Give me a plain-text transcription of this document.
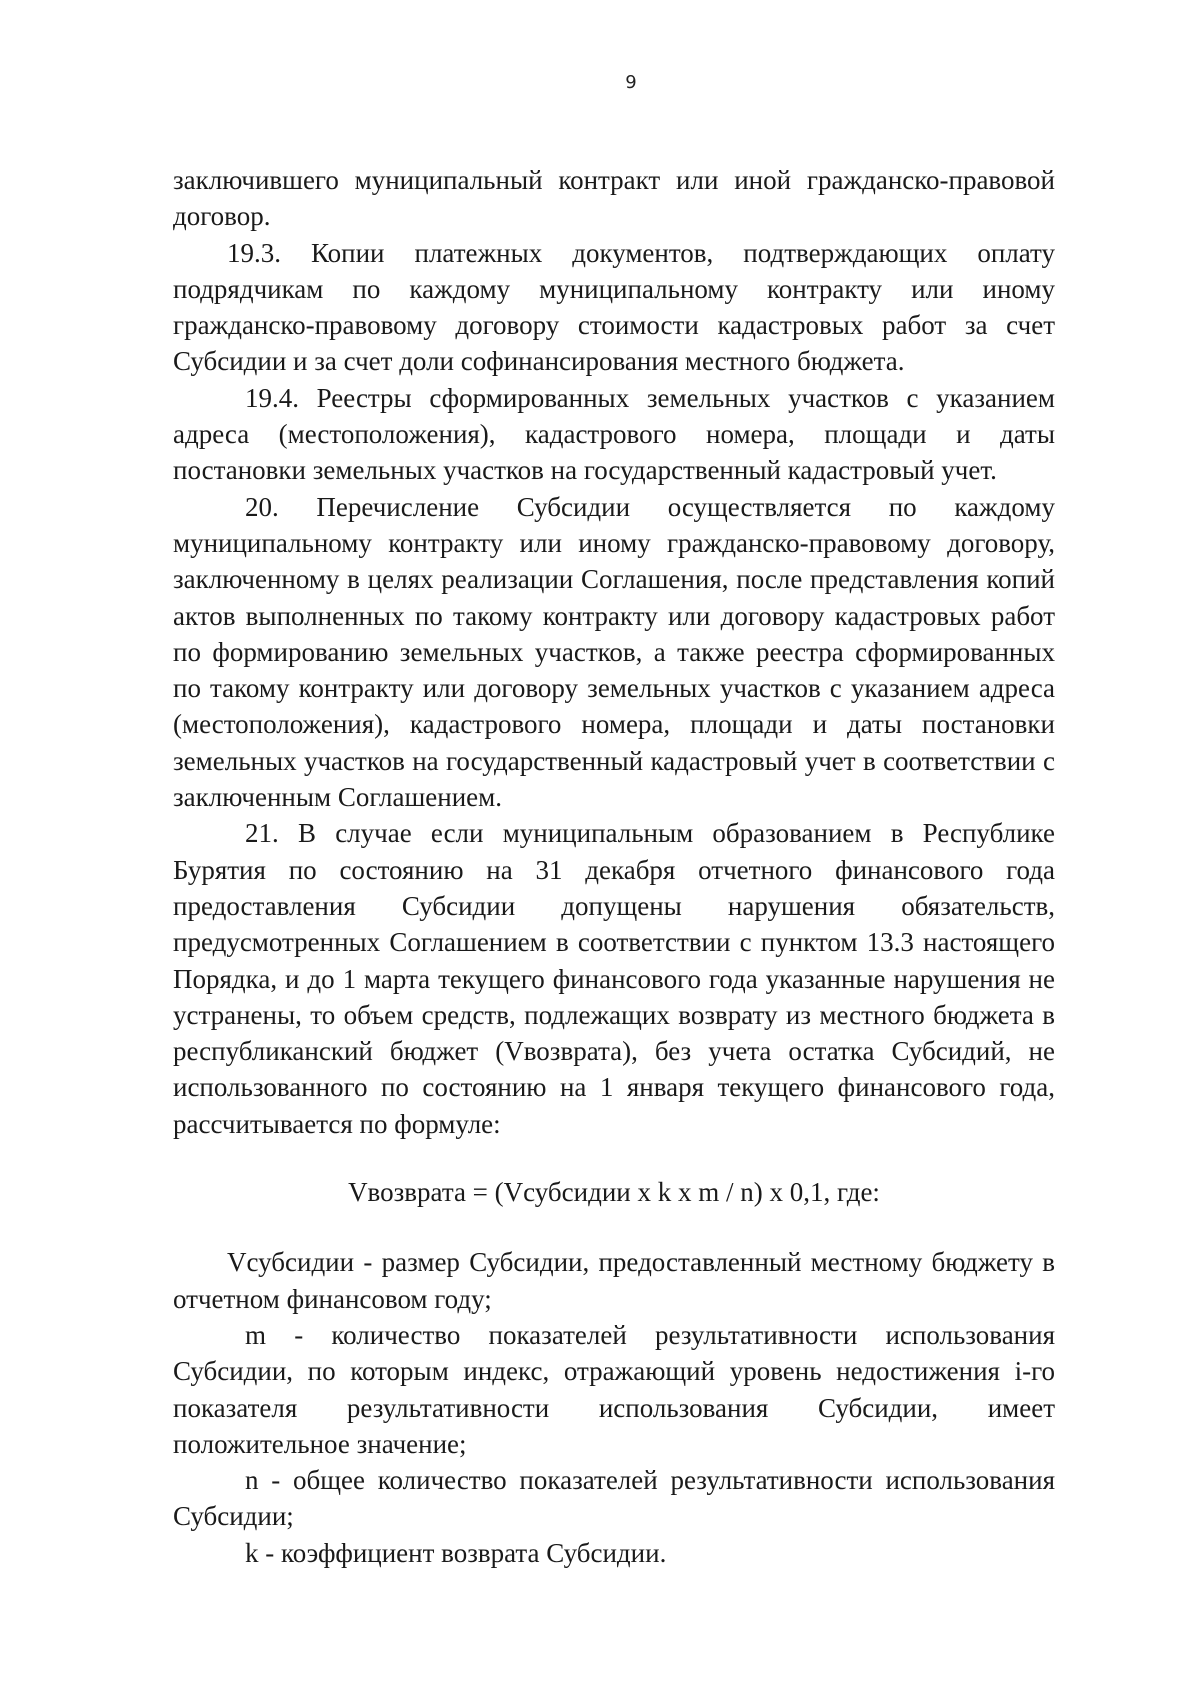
9

заключившего муниципальный контракт или иной гражданско-правовой договор.

19.3. Копии платежных документов, подтверждающих оплату подрядчикам по каждому муниципальному контракту или иному гражданско-правовому договору стоимости кадастровых работ за счет Субсидии и за счет доли софинансирования местного бюджета.

19.4. Реестры сформированных земельных участков с указанием адреса (местоположения), кадастрового номера, площади и даты постановки земельных участков на государственный кадастровый учет.

20. Перечисление Субсидии осуществляется по каждому муниципальному контракту или иному гражданско-правовому договору, заключенному в целях реализации Соглашения, после представления копий актов выполненных по такому контракту или договору кадастровых работ по формированию земельных участков, а также реестра сформированных по такому контракту или договору земельных участков с указанием адреса (местоположения), кадастрового номера, площади и даты постановки земельных участков на государственный кадастровый учет в соответствии с заключенным Соглашением.

21. В случае если муниципальным образованием в Республике Бурятия по состоянию на 31 декабря отчетного финансового года предоставления Субсидии допущены нарушения обязательств, предусмотренных Соглашением в соответствии с пунктом 13.3 настоящего Порядка, и до 1 марта текущего финансового года указанные нарушения не устранены, то объем средств, подлежащих возврату из местного бюджета в республиканский бюджет (Vвозврата), без учета остатка Субсидий, не использованного по состоянию на 1 января текущего финансового года, рассчитывается по формуле:

Vвозврата = (Vсубсидии x k x m / n) x 0,1, где:

Vсубсидии - размер Субсидии, предоставленный местному бюджету в отчетном финансовом году;

m - количество показателей результативности использования Субсидии, по которым индекс, отражающий уровень недостижения i-го показателя результативности использования Субсидии, имеет положительное значение;

n - общее количество показателей результативности использования Субсидии;

k - коэффициент возврата Субсидии.
